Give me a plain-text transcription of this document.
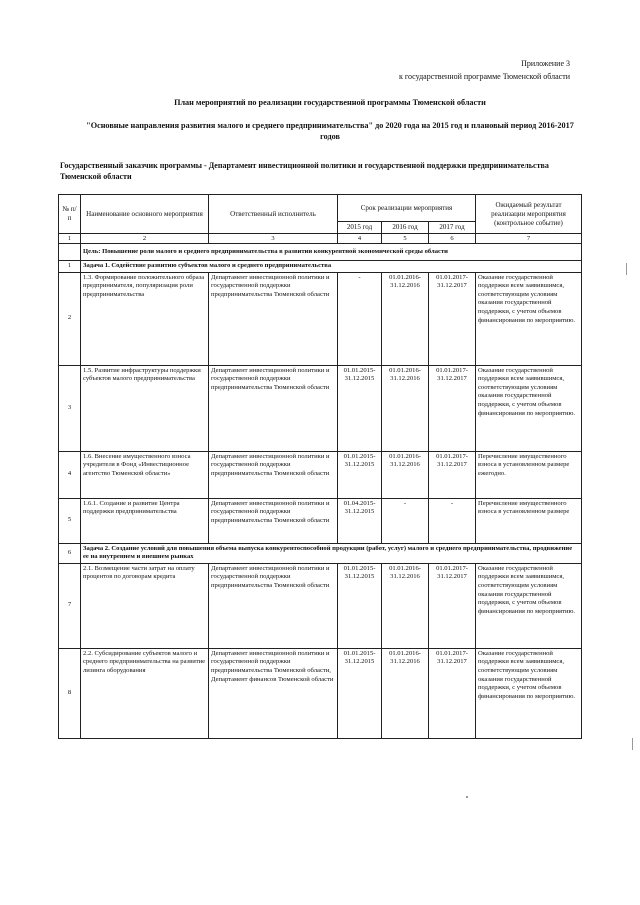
Приложение 3
к государственной программе Тюменской области
План мероприятий по реализации государственной программы Тюменской области
"Основные направления развития малого и среднего предпринимательства" до 2020 года на 2015 год и плановый период 2016-2017
годов
Государственный заказчик программы - Департамент инвестиционной политики и государственной поддержки предпринимательства Тюменской области
№ п/п	Наименование основного мероприятия	Ответственный исполнитель	Срок реализации мероприятия			Ожидаемый результат реализации мероприятия (контрольное событие)
			2015 год	2016 год	2017 год	
1	2	3	4	5	6	7
	Цель: Повышение роли малого и среднего предпринимательства в развитии конкурентной экономической среды области					
1	Задача 1. Содействие развитию субъектов малого и среднего предпринимательства					
2	1.3. Формирование положительного образа предпринимателя, популяризация роли предпринимательства	Департамент инвестиционной политики и государственной поддержки предпринимательства Тюменской области	-	01.01.2016-31.12.2016	01.01.2017-31.12.2017	Оказание государственной поддержки всем заявившимся, соответствующим условиям оказания государственной поддержки, с учетом объемов финансирования по мероприятию.
3	1.5. Развитие инфраструктуры поддержки субъектов малого предпринимательства	Департамент инвестиционной политики и государственной поддержки предпринимательства Тюменской области	01.01.2015-31.12.2015	01.01.2016-31.12.2016	01.01.2017-31.12.2017	Оказание государственной поддержки всем заявившимся, соответствующим условиям оказания государственной поддержки, с учетом объемов финансирования по мероприятию.
4	1.6. Внесение имущественного взноса учредителя в Фонд «Инвестиционное агентство Тюменской области»	Департамент инвестиционной политики и государственной поддержки предпринимательства Тюменской области	01.01.2015-31.12.2015	01.01.2016-31.12.2016	01.01.2017-31.12.2017	Перечисление имущественного взноса в установленном размере ежегодно.
5	1.6.1. Создание и развитие Центра поддержки предпринимательства	Департамент инвестиционной политики и государственной поддержки предпринимательства Тюменской области	01.04.2015-31.12.2015	-	-	Перечисление имущественного взноса в установленном размере
6	Задача 2. Создание условий для повышения объема выпуска конкурентоспособной продукции (работ, услуг) малого и среднего предпринимательства, продвижение ее на внутреннем и внешнем рынках					
7	2.1. Возмещение части затрат на оплату процентов по договорам кредита	Департамент инвестиционной политики и государственной поддержки предпринимательства Тюменской области	01.01.2015-31.12.2015	01.01.2016-31.12.2016	01.01.2017-31.12.2017	Оказание государственной поддержки всем заявившимся, соответствующим условиям оказания государственной поддержки, с учетом объемов финансирования по мероприятию.
8	2.2. Субсидирование субъектов малого и среднего предпринимательства на развитие лизинга оборудования	Департамент инвестиционной политики и государственной поддержки предпринимательства Тюменской области, Департамент финансов Тюменской области	01.01.2015-31.12.2015	01.01.2016-31.12.2016	01.01.2017-31.12.2017	Оказание государственной поддержки всем заявившимся, соответствующим условиям оказания государственной поддержки, с учетом объемов финансирования по мероприятию.
